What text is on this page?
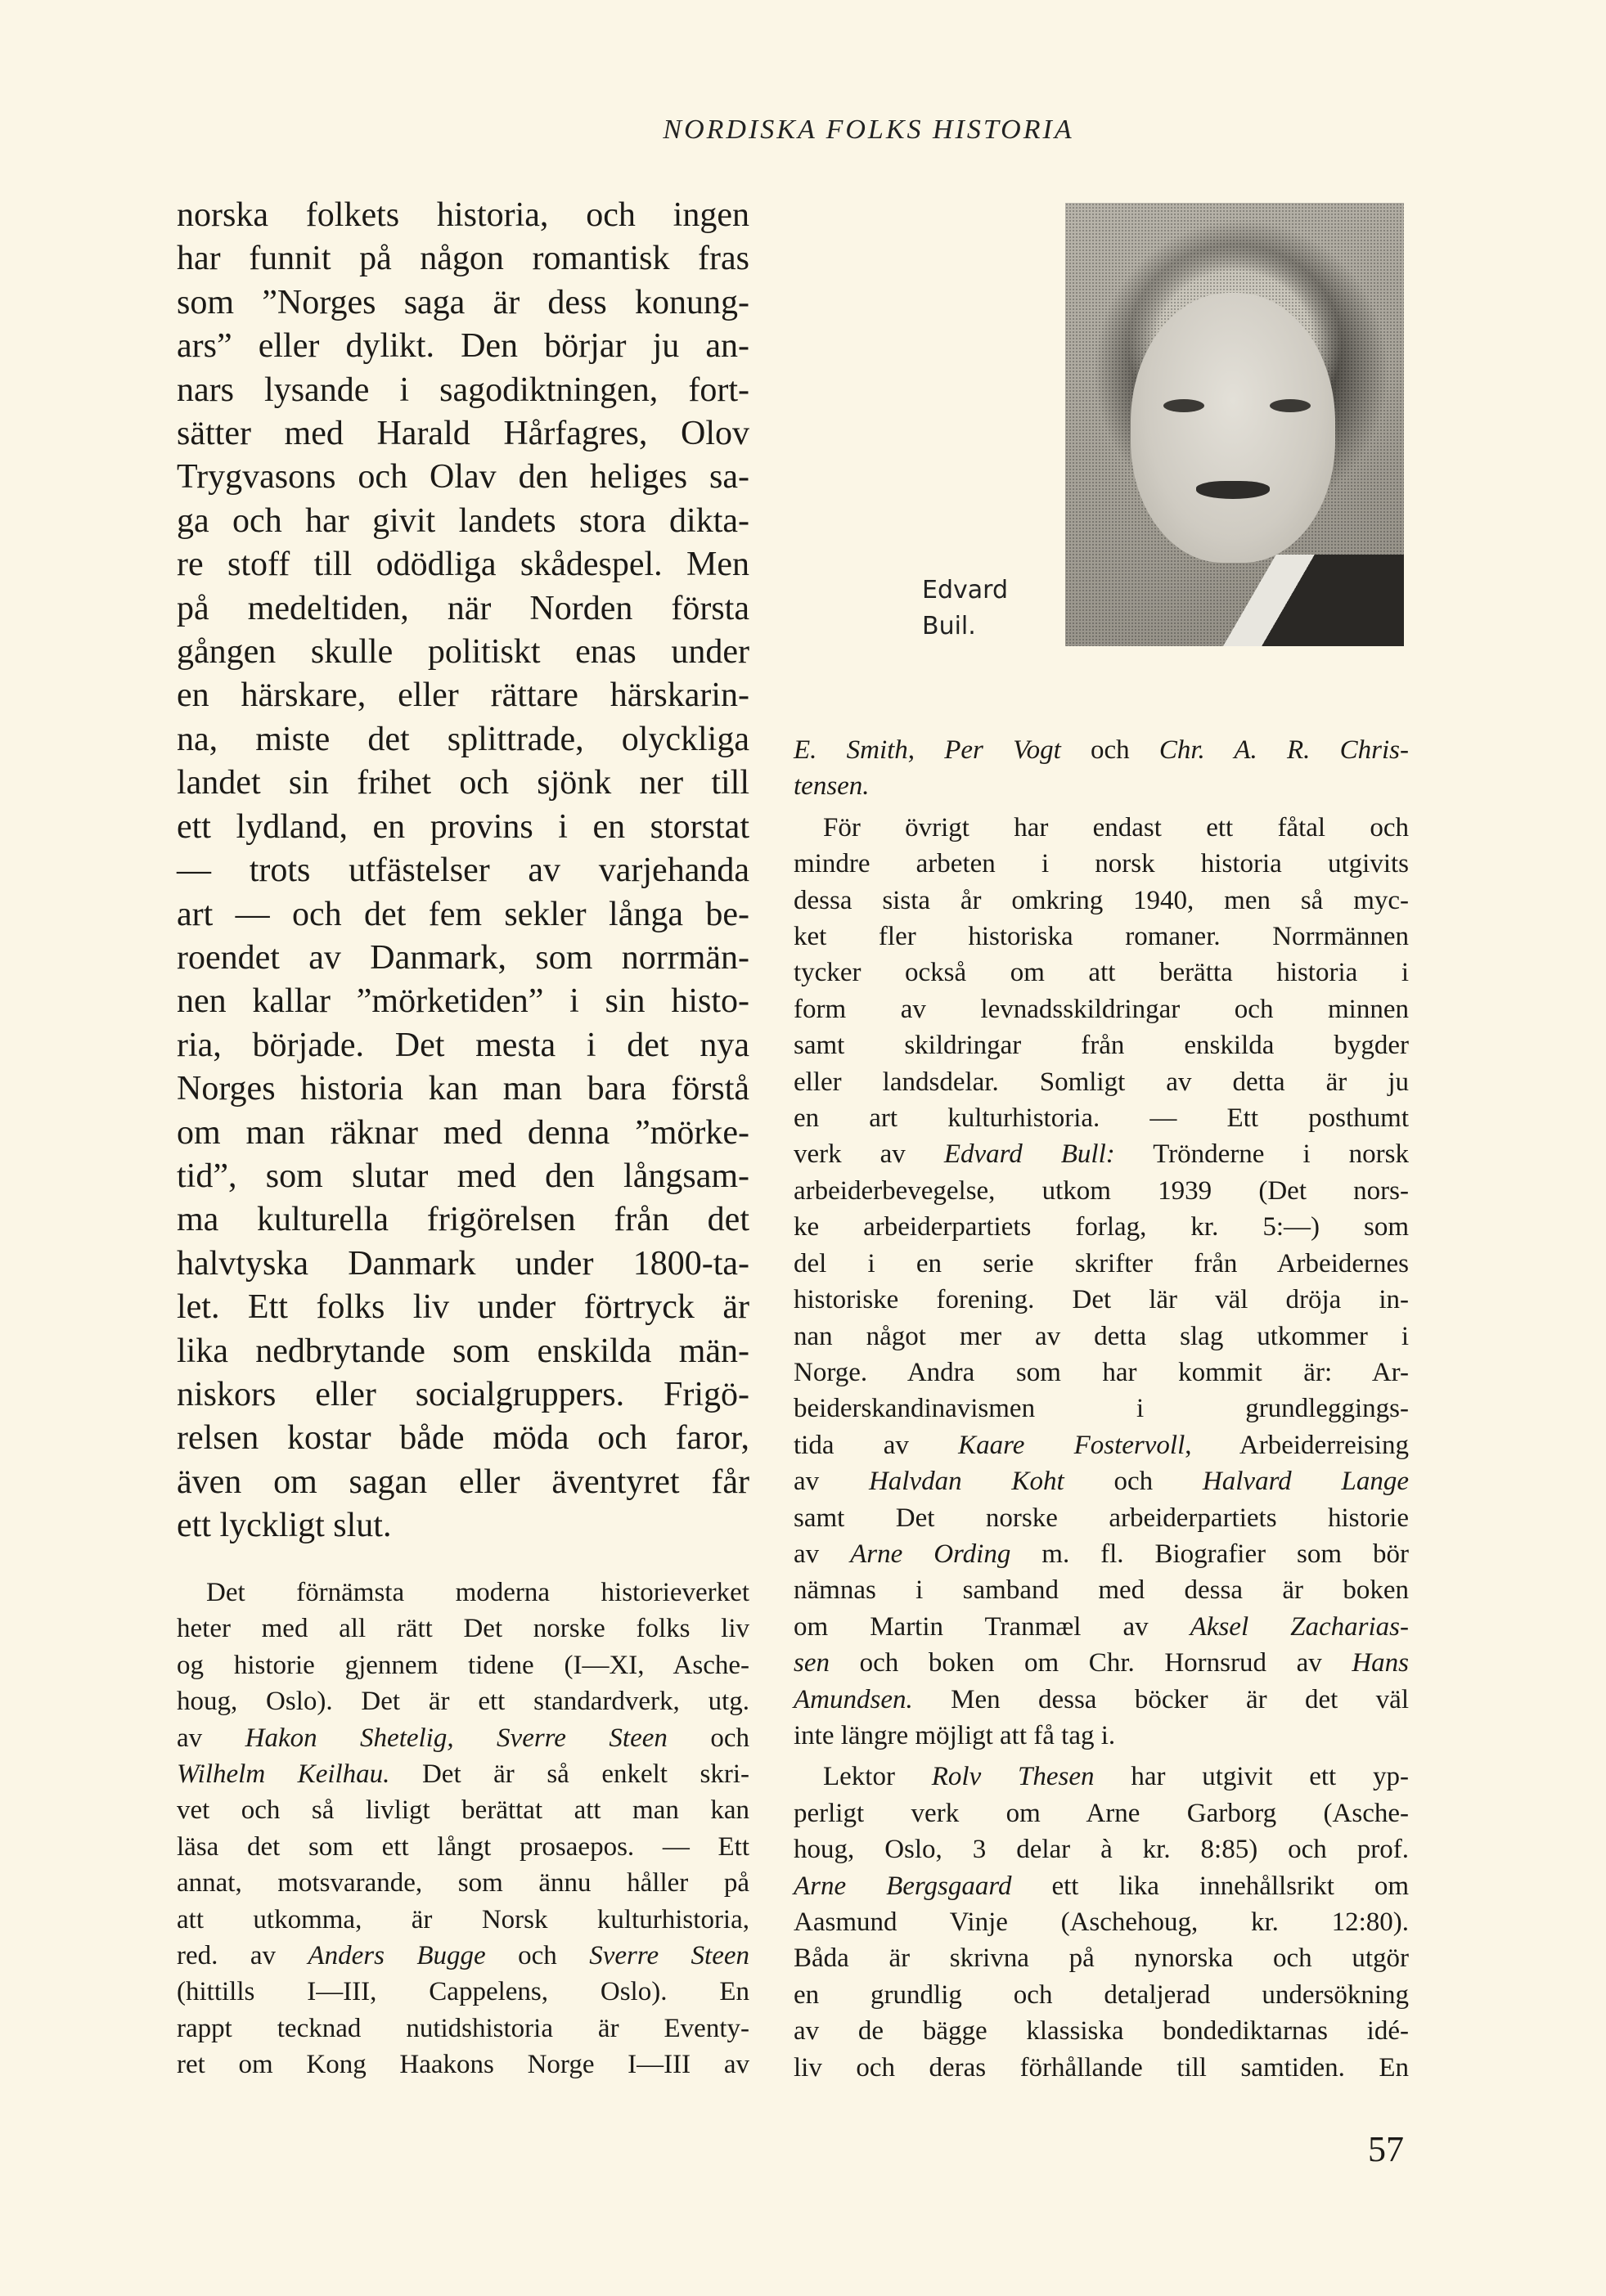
NORDISKA FOLKS HISTORIA
norska folkets historia, och ingen
har funnit på någon romantisk fras
som ”Norges saga är dess konung-
ars” eller dylikt. Den börjar ju an-
nars lysande i sagodiktningen, fort-
sätter med Harald Hårfagres, Olov
Trygvasons och Olav den heliges sa-
ga och har givit landets stora dikta-
re stoff till odödliga skådespel. Men
på medeltiden, när Norden första
gången skulle politiskt enas under
en härskare, eller rättare härskarin-
na, miste det splittrade, olyckliga
landet sin frihet och sjönk ner till
ett lydland, en provins i en storstat
— trots utfästelser av varjehanda
art — och det fem sekler långa be-
roendet av Danmark, som norrmän-
nen kallar ”mörketiden” i sin histo-
ria, började. Det mesta i det nya
Norges historia kan man bara förstå
om man räknar med denna ”mörke-
tid”, som slutar med den långsam-
ma kulturella frigörelsen från det
halvtyska Danmark under 1800-ta-
let. Ett folks liv under förtryck är
lika nedbrytande som enskilda män-
niskors eller socialgruppers. Frigö-
relsen kostar både möda och faror,
även om sagan eller äventyret får
ett lyckligt slut.
Det förnämsta moderna historieverket
heter med all rätt Det norske folks liv
og historie gjennem tidene (I—XI, Asche-
houg, Oslo). Det är ett standardverk, utg.
av Hakon Shetelig, Sverre Steen och
Wilhelm Keilhau. Det är så enkelt skri-
vet och så livligt berättat att man kan
läsa det som ett långt prosaepos. — Ett
annat, motsvarande, som ännu håller på
att utkomma, är Norsk kulturhistoria,
red. av Anders Bugge och Sverre Steen
(hittills I—III, Cappelens, Oslo). En
rappt tecknad nutidshistoria är Eventy-
ret om Kong Haakons Norge I—III av
Edvard
Buil.
E. Smith, Per Vogt och Chr. A. R. Chris-
tensen.
För övrigt har endast ett fåtal och
mindre arbeten i norsk historia utgivits
dessa sista år omkring 1940, men så myc-
ket fler historiska romaner. Norrmännen
tycker också om att berätta historia i
form av levnadsskildringar och minnen
samt skildringar från enskilda bygder
eller landsdelar. Somligt av detta är ju
en art kulturhistoria. — Ett posthumt
verk av Edvard Bull: Trönderne i norsk
arbeiderbevegelse, utkom 1939 (Det nors-
ke arbeiderpartiets forlag, kr. 5:—) som
del i en serie skrifter från Arbeidernes
historiske forening. Det lär väl dröja in-
nan något mer av detta slag utkommer i
Norge. Andra som har kommit är: Ar-
beiderskandinavismen i grundleggings-
tida av Kaare Fostervoll, Arbeiderreising
av Halvdan Koht och Halvard Lange
samt Det norske arbeiderpartiets historie
av Arne Ording m. fl. Biografier som bör
nämnas i samband med dessa är boken
om Martin Tranmæl av Aksel Zacharias-
sen och boken om Chr. Hornsrud av Hans
Amundsen. Men dessa böcker är det väl
inte längre möjligt att få tag i.
Lektor Rolv Thesen har utgivit ett yp-
perligt verk om Arne Garborg (Asche-
houg, Oslo, 3 delar à kr. 8:85) och prof.
Arne Bergsgaard ett lika innehållsrikt om
Aasmund Vinje (Aschehoug, kr. 12:80).
Båda är skrivna på nynorska och utgör
en grundlig och detaljerad undersökning
av de bägge klassiska bondediktarnas idé-
liv och deras förhållande till samtiden. En
57
